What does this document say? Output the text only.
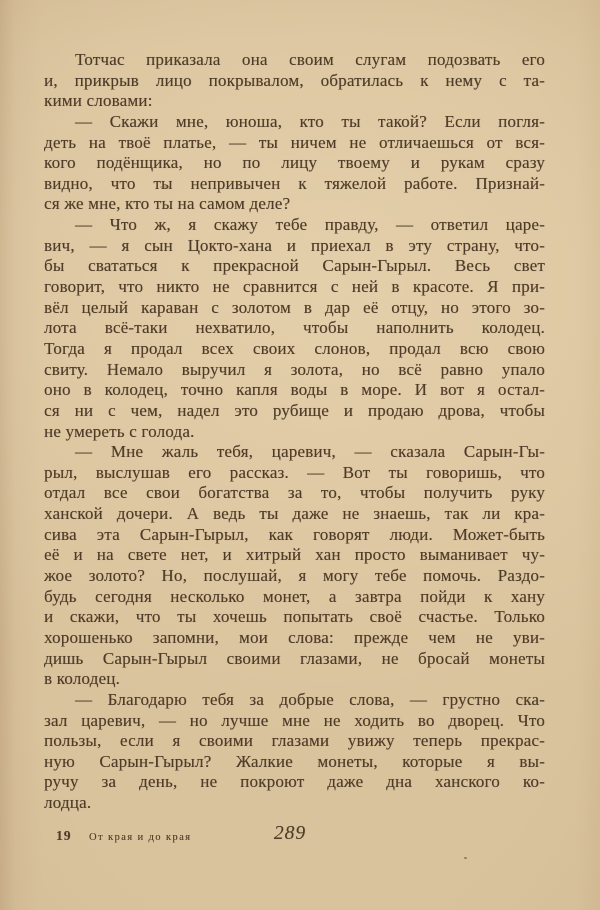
Тотчас приказала она своим слугам подозвать его
и, прикрыв лицо покрывалом, обратилась к нему с та-
кими словами:
— Скажи мне, юноша, кто ты такой? Если погля-
деть на твоё платье, — ты ничем не отличаешься от вся-
кого подёнщика, но по лицу твоему и рукам сразу
видно, что ты непривычен к тяжелой работе. Признай-
ся же мне, кто ты на самом деле?
— Что ж, я скажу тебе правду, — ответил царе-
вич, — я сын Цокто-хана и приехал в эту страну, что-
бы свататься к прекрасной Сарын-Гырыл. Весь свет
говорит, что никто не сравнится с ней в красоте. Я при-
вёл целый караван с золотом в дар её отцу, но этого зо-
лота всё-таки нехватило, чтобы наполнить колодец.
Тогда я продал всех своих слонов, продал всю свою
свиту. Немало выручил я золота, но всё равно упало
оно в колодец, точно капля воды в море. И вот я остал-
ся ни с чем, надел это рубище и продаю дрова, чтобы
не умереть с голода.
— Мне жаль тебя, царевич, — сказала Сарын-Гы-
рыл, выслушав его рассказ. — Вот ты говоришь, что
отдал все свои богатства за то, чтобы получить руку
ханской дочери. А ведь ты даже не знаешь, так ли кра-
сива эта Сарын-Гырыл, как говорят люди. Может-быть
её и на свете нет, и хитрый хан просто выманивает чу-
жое золото? Но, послушай, я могу тебе помочь. Раздо-
будь сегодня несколько монет, а завтра пойди к хану
и скажи, что ты хочешь попытать своё счастье. Только
хорошенько запомни, мои слова: прежде чем не уви-
дишь Сарын-Гырыл своими глазами, не бросай монеты
в колодец.
— Благодарю тебя за добрые слова, — грустно ска-
зал царевич, — но лучше мне не ходить во дворец. Что
пользы, если я своими глазами увижу теперь прекрас-
ную Сарын-Гырыл? Жалкие монеты, которые я вы-
ручу за день, не покроют даже дна ханского ко-
лодца.
19 От края и до края	289
